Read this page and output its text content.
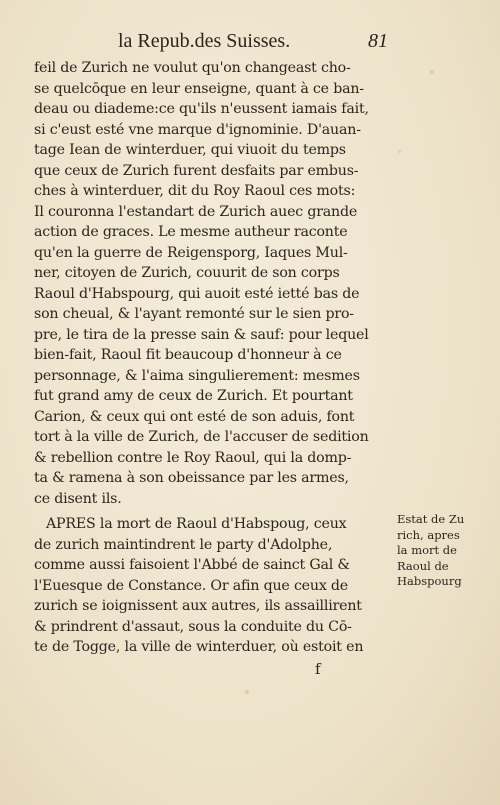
la Repub.des Suisses.	81
feil de Zurich ne voulut qu'on changeast cho-
se quelcōque en leur enseigne, quant à ce ban-
deau ou diademe:ce qu'ils n'eussent iamais fait,
si c'eust esté vne marque d'ignominie. D'auan-
tage Iean de winterduer, qui viuoit du temps
que ceux de Zurich furent desfaits par embus-
ches à winterduer, dit du Roy Raoul ces mots:
Il couronna l'estandart de Zurich auec grande
action de graces. Le mesme autheur raconte
qu'en la guerre de Reigensporg, Iaques Mul-
ner, citoyen de Zurich, couurit de son corps
Raoul d'Habspourg, qui auoit esté ietté bas de
son cheual, & l'ayant remonté sur le sien pro-
pre, le tira de la presse sain & sauf: pour lequel
bien-fait, Raoul fit beaucoup d'honneur à ce
personnage, & l'aima singulierement: mesmes
fut grand amy de ceux de Zurich. Et pourtant
Carion, & ceux qui ont esté de son aduis, font
tort à la ville de Zurich, de l'accuser de sedition
& rebellion contre le Roy Raoul, qui la domp-
ta & ramena à son obeissance par les armes,
ce disent ils.
APRES la mort de Raoul d'Habspoug, ceux
de zurich maintindrent le party d'Adolphe,
comme aussi faisoient l'Abbé de sainct Gal &
l'Euesque de Constance. Or afin que ceux de
zurich se ioignissent aux autres, ils assaillirent
& prindrent d'assaut, sous la conduite du Cō-
te de Togge, la ville de winterduer, où estoit en
Estat de Zu
rich, apres
la mort de
Raoul de
Habspourg
f
